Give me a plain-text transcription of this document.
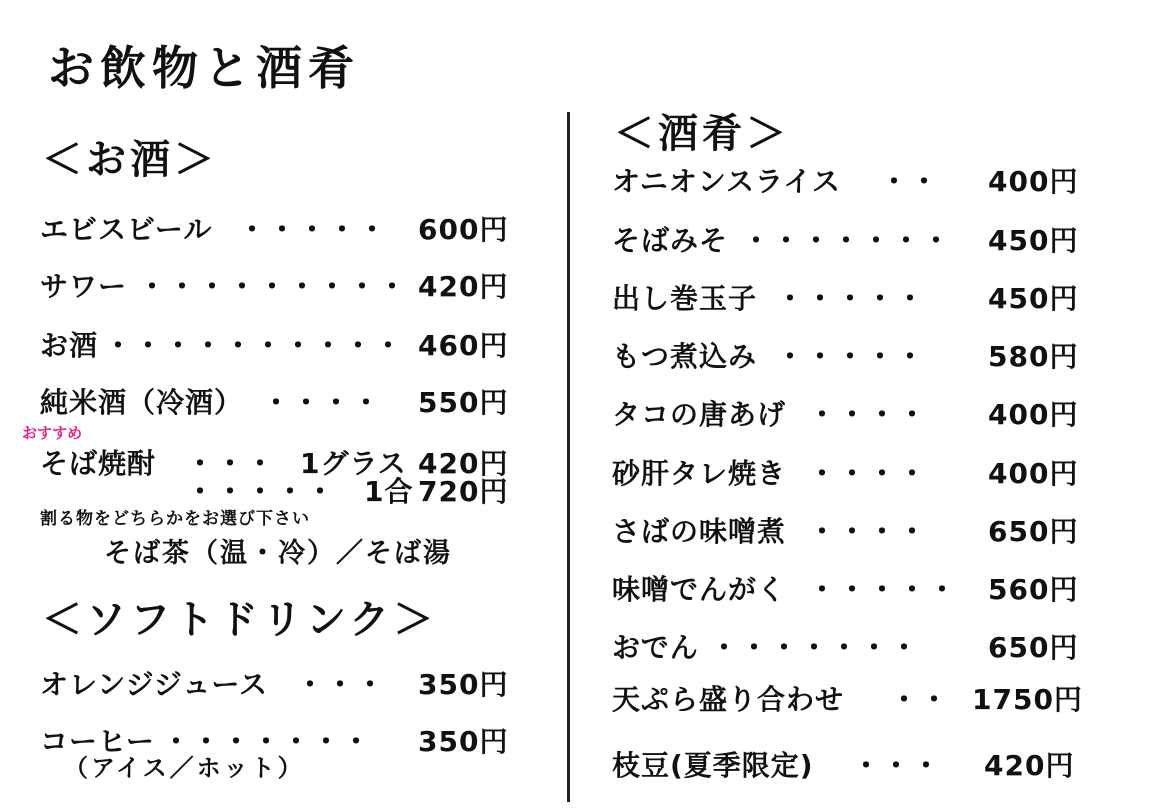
お飲物と酒肴
＜お酒＞
エビスビール ・・・・・ 600円
サワー ・・・・・・・・・ 420円
お酒 ・・・・・・・・・・ 460円
純米酒（冷酒） ・・・・ 550円
おすすめ
そば焼酎 ・・・ 1グラス 420円
・・・・・ 1合 720円
割る物をどちらかをお選び下さい
そば茶（温・冷）／そば湯
＜ソフトドリンク＞
オレンジジュース ・・・ 350円
コーヒー ・・・・・・・ 350円
（アイス／ホット）
＜酒肴＞
オニオンスライス ・・ 400円
そばみそ ・・・・・・・ 450円
出し巻玉子 ・・・・・ 450円
もつ煮込み ・・・・・ 580円
タコの唐あげ ・・・・ 400円
砂肝タレ焼き ・・・・ 400円
さばの味噌煮 ・・・・ 650円
味噌でんがく ・・・・・ 560円
おでん ・・・・・・・ 650円
天ぷら盛り合わせ ・・ 1750円
枝豆(夏季限定) ・・・ 420円
